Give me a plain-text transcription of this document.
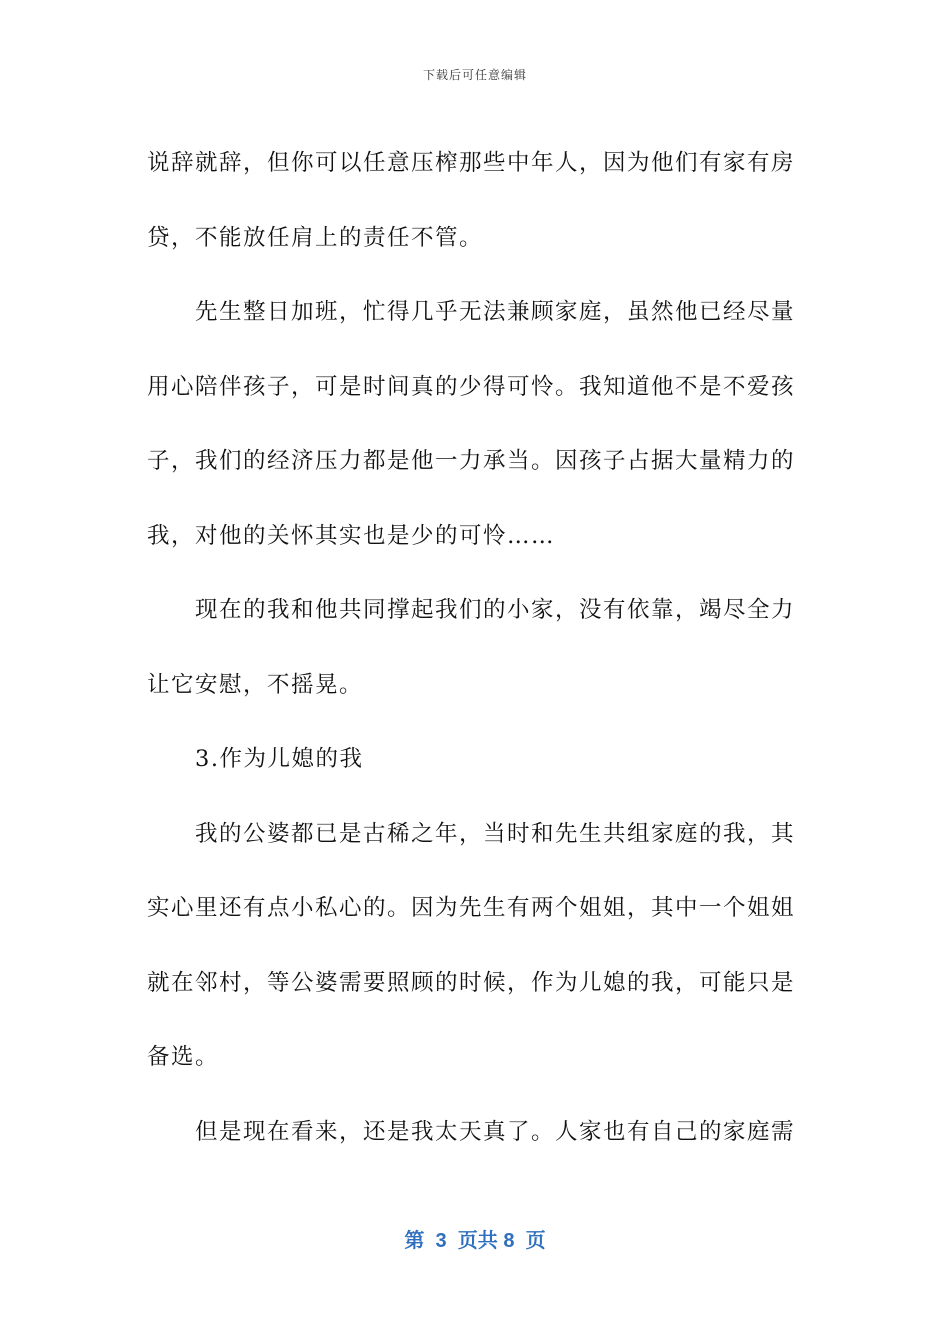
下载后可任意编辑

说辞就辞，但你可以任意压榨那些中年人，因为他们有家有房贷，不能放任肩上的责任不管。

先生整日加班，忙得几乎无法兼顾家庭，虽然他已经尽量用心陪伴孩子，可是时间真的少得可怜。我知道他不是不爱孩子，我们的经济压力都是他一力承当。因孩子占据大量精力的我，对他的关怀其实也是少的可怜……

现在的我和他共同撑起我们的小家，没有依靠，竭尽全力让它安慰，不摇晃。

3.作为儿媳的我

我的公婆都已是古稀之年，当时和先生共组家庭的我，其实心里还有点小私心的。因为先生有两个姐姐，其中一个姐姐就在邻村，等公婆需要照顾的时候，作为儿媳的我，可能只是备选。

但是现在看来，还是我太天真了。人家也有自己的家庭需

第  3  页共 8  页
